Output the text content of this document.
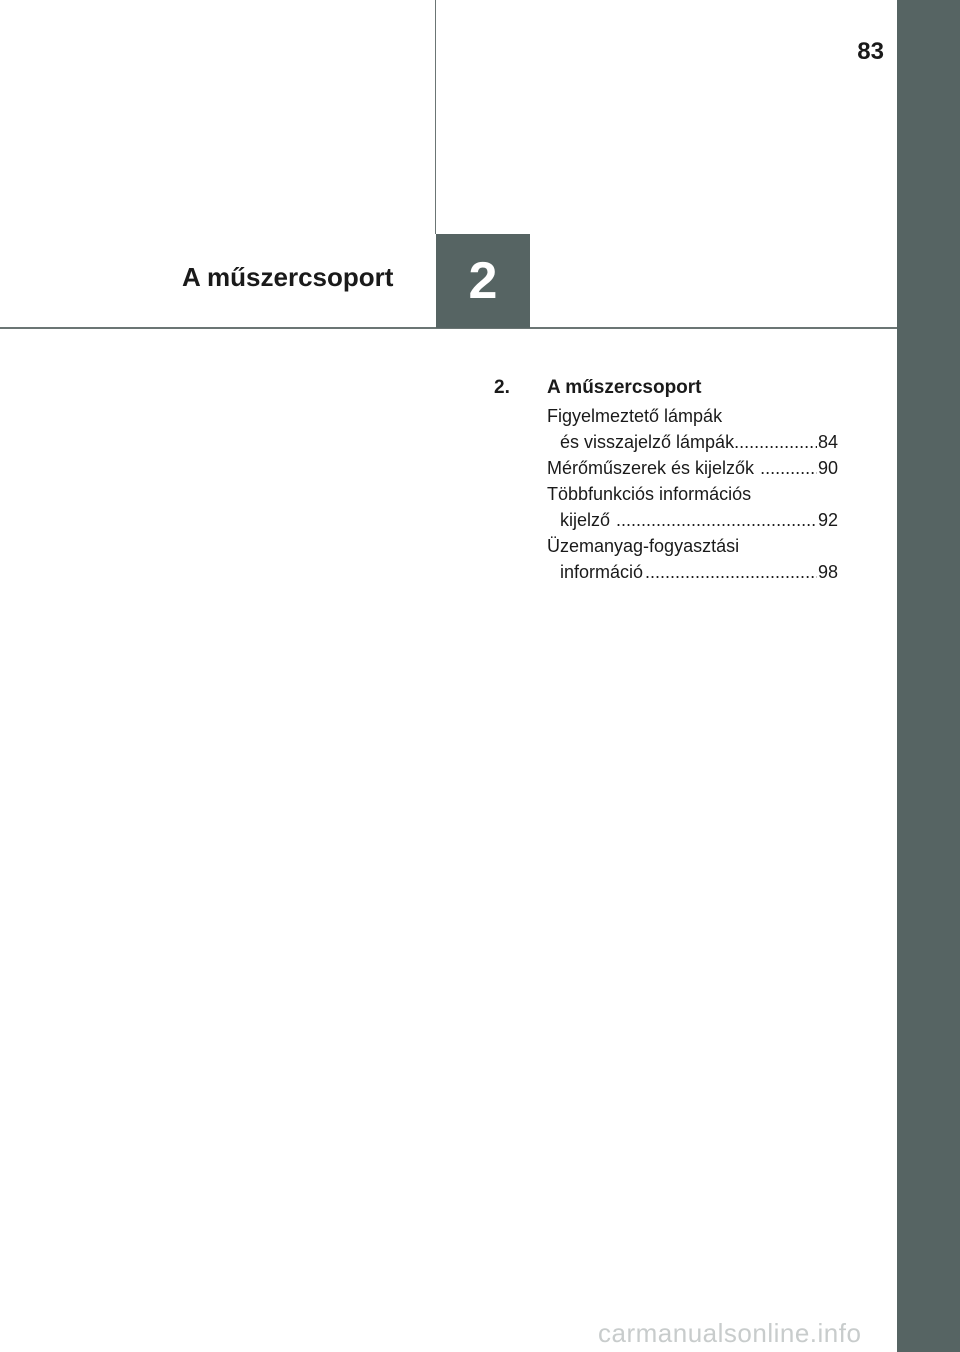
83
A műszercsoport	2
2. A műszercsoport
Figyelmeztető lámpák
és visszajelző lámpák .....	84
Mérőműszerek és kijelzők .....	90
Többfunkciós információs
kijelző .....	92
Üzemanyag-fogyasztási
információ .....	98
carmanualsonline.info
